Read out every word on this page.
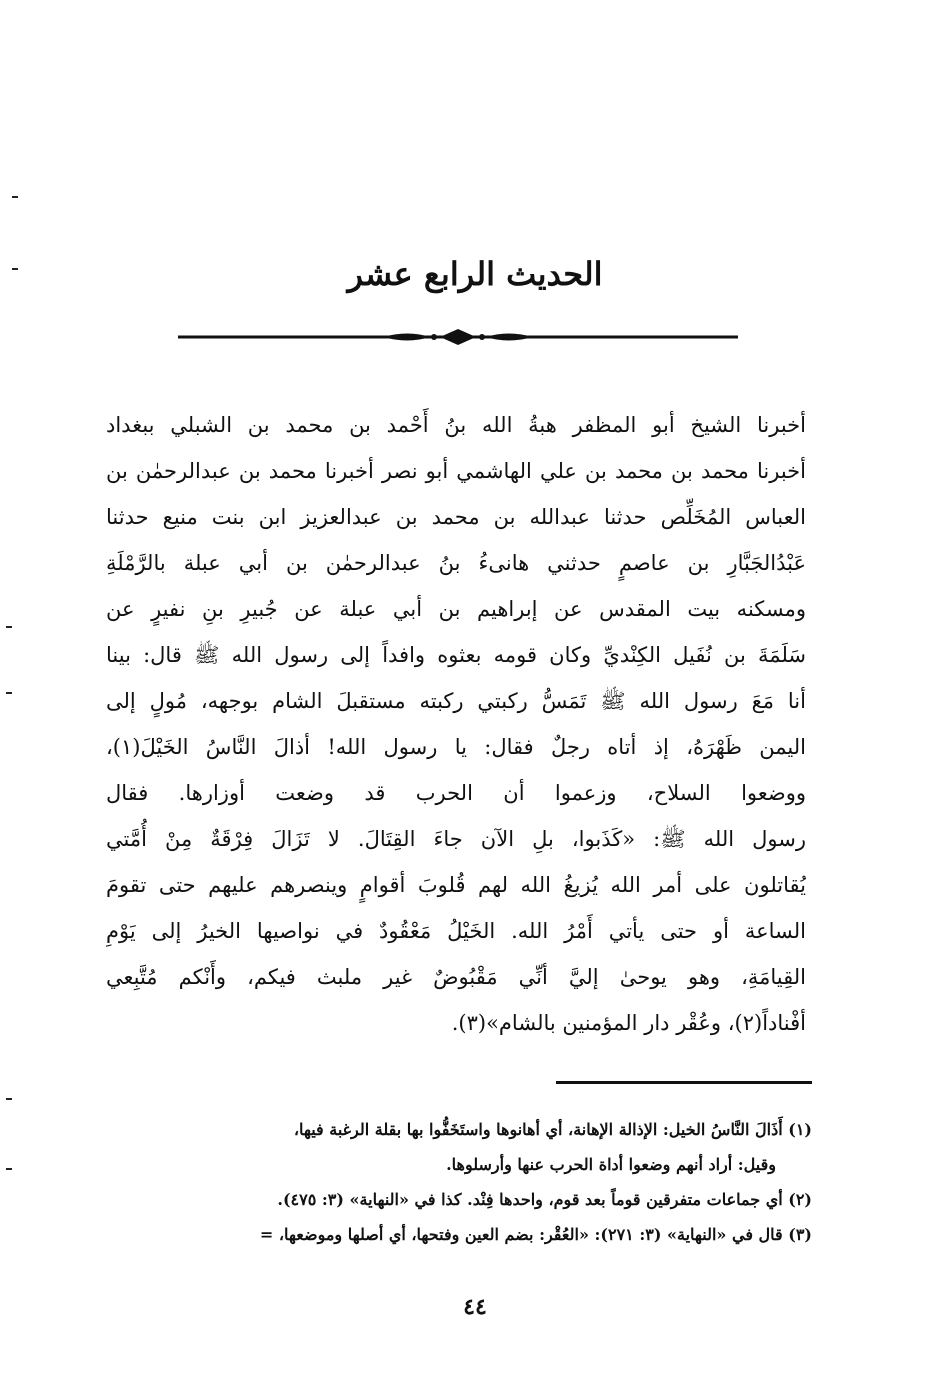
الحديث الرابع عشر
أخبرنا الشيخ أبو المظفر هبةُ الله بنُ أَحْمد بن محمد بن الشبلي ببغداد
أخبرنا محمد بن محمد بن علي الهاشمي أبو نصر أخبرنا محمد بن عبدالرحمٰن بن
العباس المُخَلِّص حدثنا عبدالله بن محمد بن عبدالعزيز ابن بنت منيع حدثنا
عَبْدُالجَبَّارِ بن عاصمٍ حدثني هانىءُ بنُ عبدالرحمٰن بن أبي عبلة بالرَّمْلَةِ
ومسكنه بيت المقدس عن إبراهيم بن أبي عبلة عن جُبيرِ بنِ نفيرٍ عن
سَلَمَةَ بن نُفَيل الكِنْديِّ وكان قومه بعثوه وافداً إلى رسول الله ﷺ قال: بينا
أنا مَعَ رسول الله ﷺ تَمَسُّ ركبتي ركبته مستقبلَ الشام بوجهه، مُولٍ إلى
اليمن ظَهْرَهُ، إذ أتاه رجلٌ فقال: يا رسول الله! أذالَ النَّاسُ الخَيْلَ(١)،
ووضعوا السلاح، وزعموا أن الحرب قد وضعت أوزارها. فقال
رسول الله ﷺ: «كَذَبوا، بلِ الآن جاءَ القِتَالَ. لا تَزَالَ فِرْقَةٌ مِنْ أُمَّتي
يُقاتلون على أمر الله يُزيغُ الله لهم قُلوبَ أقوامٍ وينصرهم عليهم حتى تقومَ
الساعة أو حتى يأتي أَمْرُ الله. الخَيْلُ مَعْقُودٌ في نواصيها الخيرُ إلى يَوْمِ
القِيامَةِ، وهو يوحىٰ إليَّ أنِّي مَقْبُوضٌ غير ملبث فيكم، وأَنْكم مُتَّبِعي
أفْناداً(٢)، وعُقْر دار المؤمنين بالشام»(٣).
(١) أَذَالَ النَّاسُ الخيل: الإذالة الإهانة، أي أهانوها واستَخَفُّوا بها بقلة الرغبة فيها،
وقيل: أراد أنهم وضعوا أداة الحرب عنها وأرسلوها.
(٢) أي جماعات متفرقين قوماً بعد قوم، واحدها فِنْد. كذا في «النهاية» (٣: ٤٧٥).
(٣) قال في «النهاية» (٣: ٢٧١): «العُقْر: بضم العين وفتحها، أي أصلها وموضعها، =
٤٤
